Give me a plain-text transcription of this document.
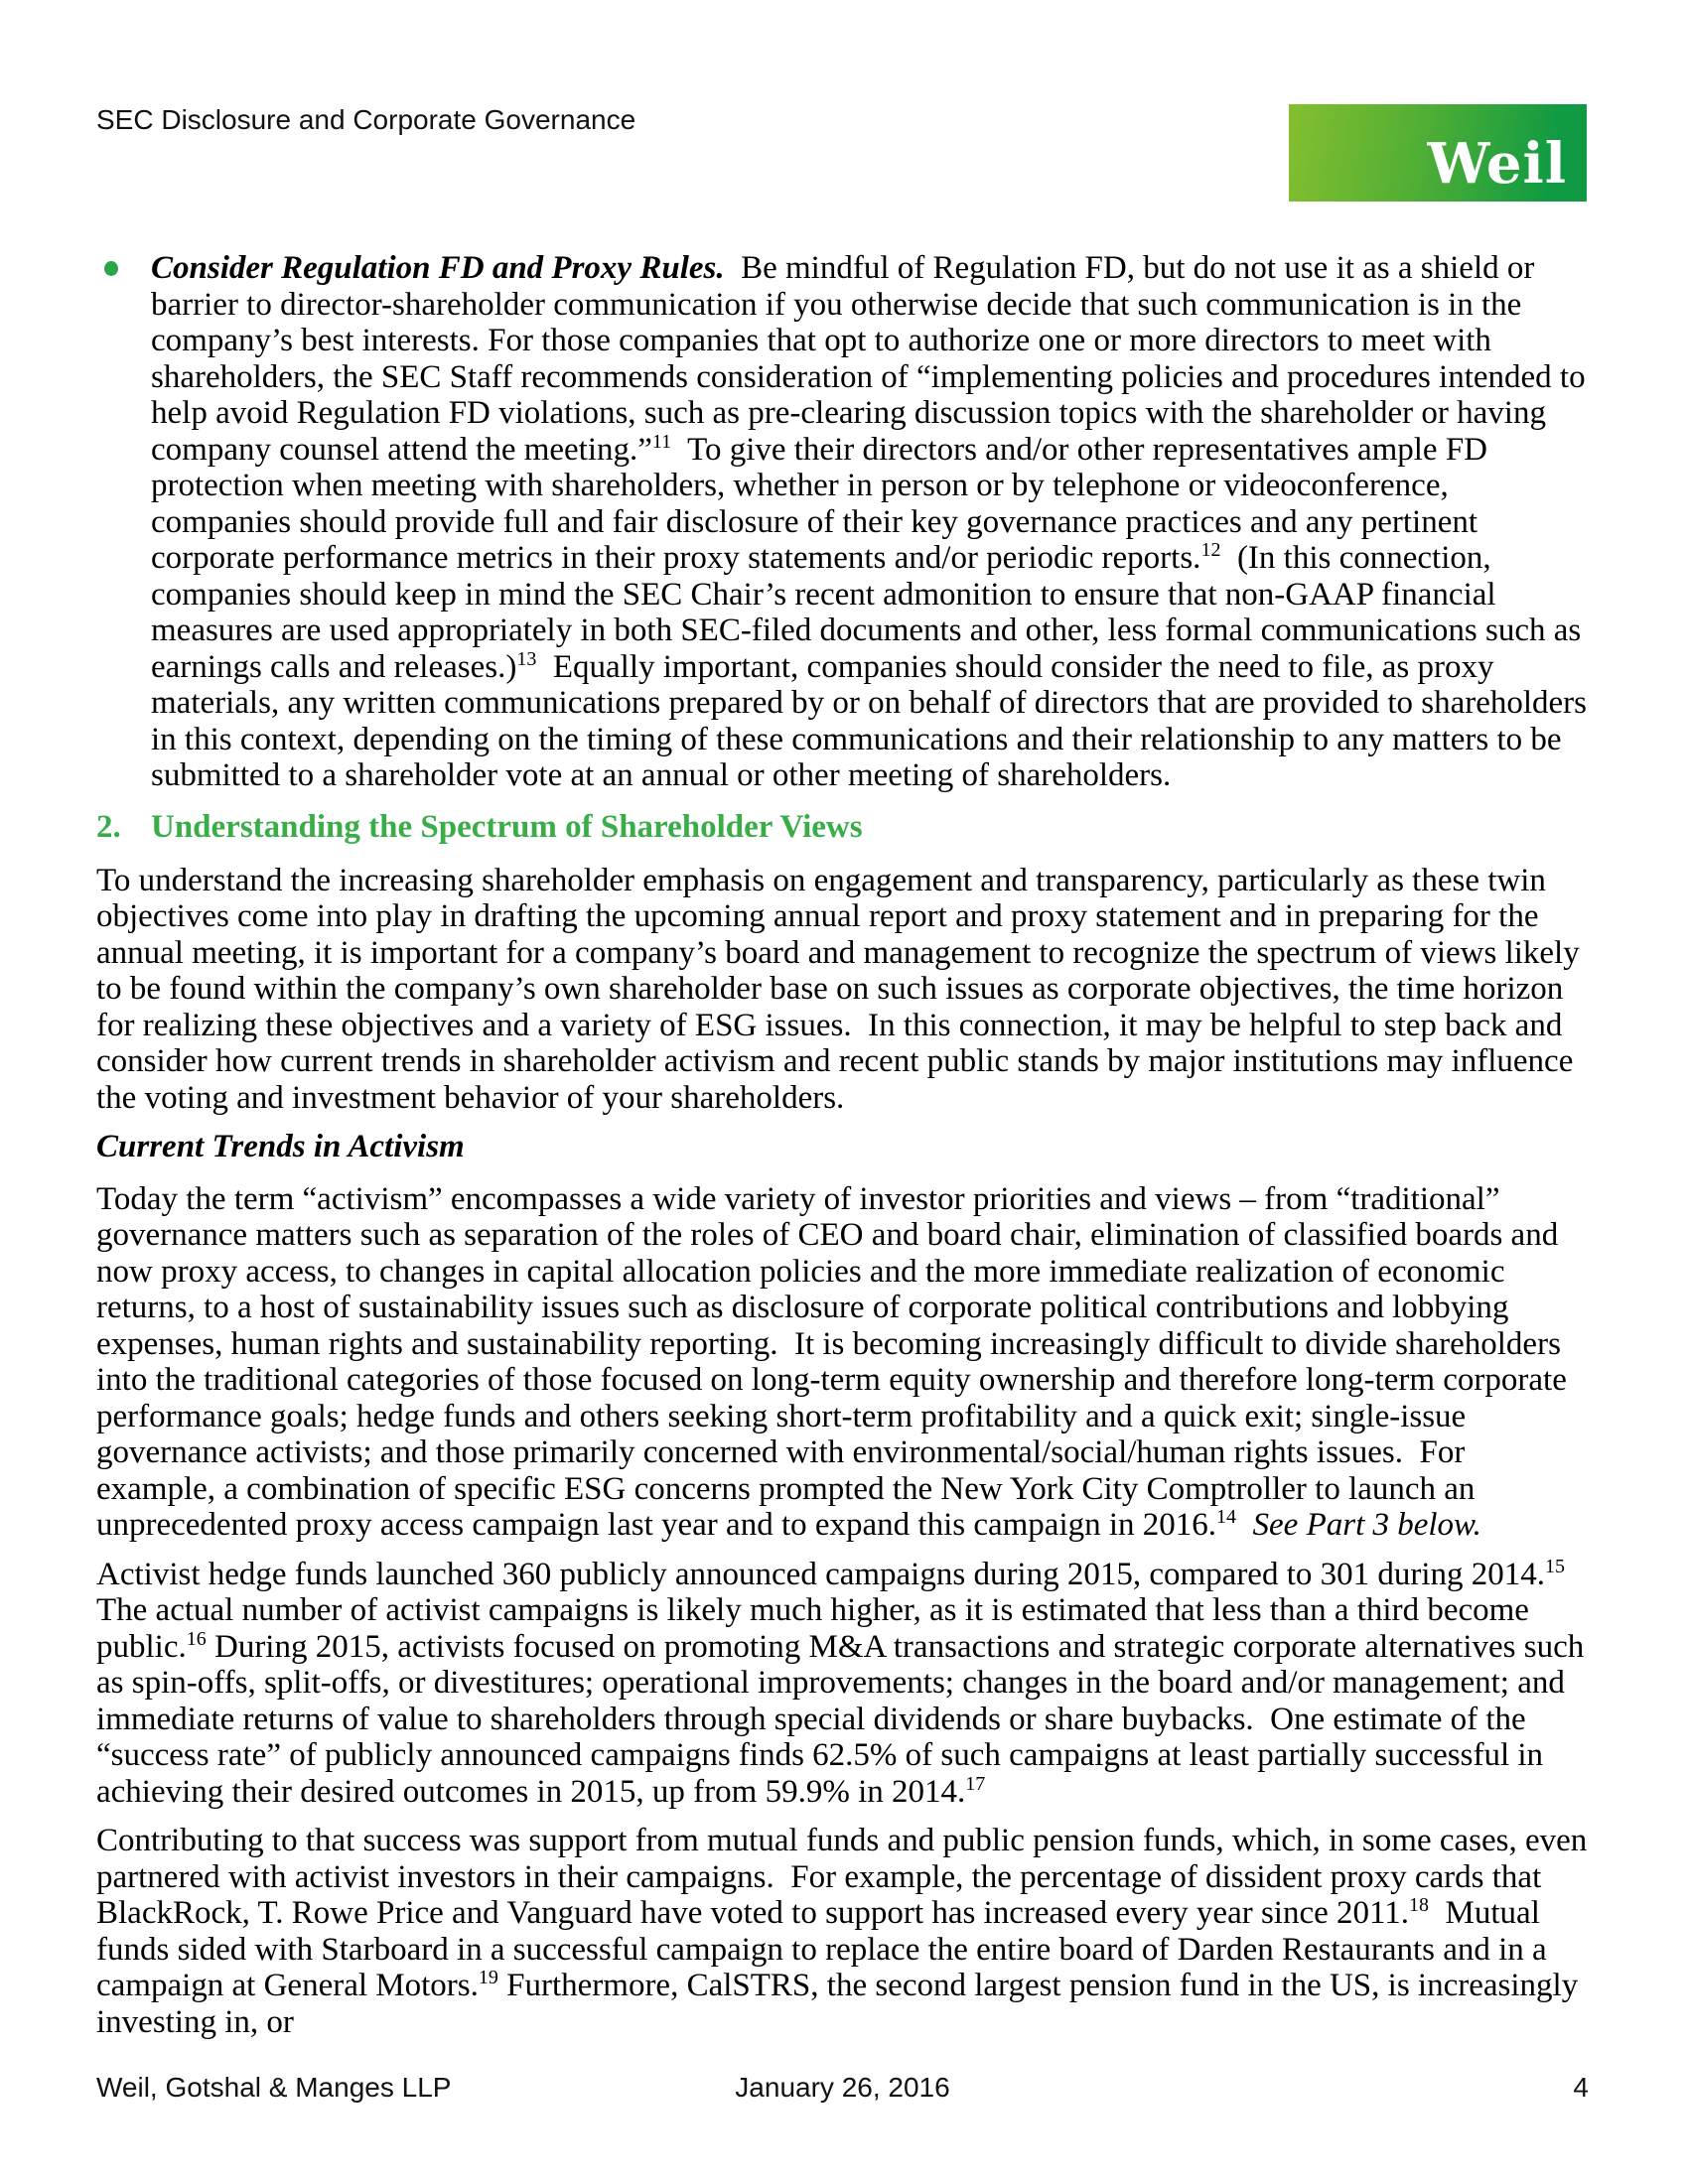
SEC Disclosure and Corporate Governance
Weil
Consider Regulation FD and Proxy Rules.  Be mindful of Regulation FD, but do not use it as a shield or barrier to director-shareholder communication if you otherwise decide that such communication is in the company’s best interests. For those companies that opt to authorize one or more directors to meet with shareholders, the SEC Staff recommends consideration of “implementing policies and procedures intended to help avoid Regulation FD violations, such as pre-clearing discussion topics with the shareholder or having company counsel attend the meeting.”$^{11}$  To give their directors and/or other representatives ample FD protection when meeting with shareholders, whether in person or by telephone or videoconference, companies should provide full and fair disclosure of their key governance practices and any pertinent corporate performance metrics in their proxy statements and/or periodic reports.$^{12}$  (In this connection, companies should keep in mind the SEC Chair’s recent admonition to ensure that non-GAAP financial measures are used appropriately in both SEC-filed documents and other, less formal communications such as earnings calls and releases.)$^{13}$  Equally important, companies should consider the need to file, as proxy materials, any written communications prepared by or on behalf of directors that are provided to shareholders in this context, depending on the timing of these communications and their relationship to any matters to be submitted to a shareholder vote at an annual or other meeting of shareholders.
2. Understanding the Spectrum of Shareholder Views

To understand the increasing shareholder emphasis on engagement and transparency, particularly as these twin objectives come into play in drafting the upcoming annual report and proxy statement and in preparing for the annual meeting, it is important for a company’s board and management to recognize the spectrum of views likely to be found within the company’s own shareholder base on such issues as corporate objectives, the time horizon for realizing these objectives and a variety of ESG issues.  In this connection, it may be helpful to step back and consider how current trends in shareholder activism and recent public stands by major institutions may influence the voting and investment behavior of your shareholders.

Current Trends in Activism

Today the term “activism” encompasses a wide variety of investor priorities and views – from “traditional” governance matters such as separation of the roles of CEO and board chair, elimination of classified boards and now proxy access, to changes in capital allocation policies and the more immediate realization of economic returns, to a host of sustainability issues such as disclosure of corporate political contributions and lobbying expenses, human rights and sustainability reporting.  It is becoming increasingly difficult to divide shareholders into the traditional categories of those focused on long-term equity ownership and therefore long-term corporate performance goals; hedge funds and others seeking short-term profitability and a quick exit; single-issue governance activists; and those primarily concerned with environmental/social/human rights issues.  For example, a combination of specific ESG concerns prompted the New York City Comptroller to launch an unprecedented proxy access campaign last year and to expand this campaign in 2016.14 See Part 3 below.

Activist hedge funds launched 360 publicly announced campaigns during 2015, compared to 301 during 2014.15 The actual number of activist campaigns is likely much higher, as it is estimated that less than a third become public.$^{16}$ During 2015, activists focused on promoting M&A transactions and strategic corporate alternatives such as spin-offs, split-offs, or divestitures; operational improvements; changes in the board and/or management; and immediate returns of value to shareholders through special dividends or share buybacks.  One estimate of the “success rate” of publicly announced campaigns finds 62.5% of such campaigns at least partially successful in achieving their desired outcomes in 2015, up from 59.9% in 2014.17

Contributing to that success was support from mutual funds and public pension funds, which, in some cases, even partnered with activist investors in their campaigns.  For example, the percentage of dissident proxy cards that BlackRock, T. Rowe Price and Vanguard have voted to support has increased every year since 2011.18  Mutual funds sided with Starboard in a successful campaign to replace the entire board of Darden Restaurants and in a campaign at General Motors.$^{19}$ Furthermore, CalSTRS, the second largest pension fund in the US, is increasingly investing in, or

Weil, Gotshal & Manges LLP	January 26, 2016	4
